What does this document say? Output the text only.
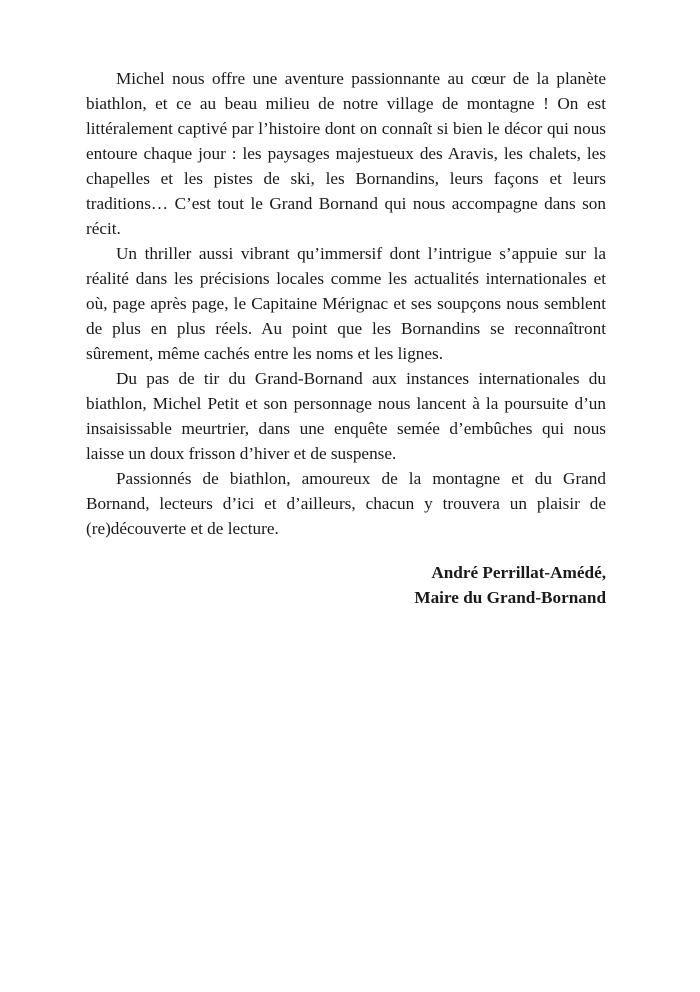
Michel nous offre une aventure passionnante au cœur de la planète biathlon, et ce au beau milieu de notre village de montagne ! On est littéralement captivé par l’histoire dont on connaît si bien le décor qui nous entoure chaque jour : les paysages majestueux des Aravis, les chalets, les chapelles et les pistes de ski, les Bornandins, leurs façons et leurs traditions… C’est tout le Grand Bornand qui nous accompagne dans son récit.

Un thriller aussi vibrant qu’immersif dont l’intrigue s’appuie sur la réalité dans les précisions locales comme les actualités internationales et où, page après page, le Capitaine Mérignac et ses soupçons nous semblent de plus en plus réels. Au point que les Bornandins se reconnaîtront sûrement, même cachés entre les noms et les lignes.

Du pas de tir du Grand-Bornand aux instances internationales du biathlon, Michel Petit et son personnage nous lancent à la poursuite d’un insaisissable meurtrier, dans une enquête semée d’embûches qui nous laisse un doux frisson d’hiver et de suspense.

Passionnés de biathlon, amoureux de la montagne et du Grand Bornand, lecteurs d’ici et d’ailleurs, chacun y trouvera un plaisir de (re)découverte et de lecture.

André Perrillat-Amédé,
Maire du Grand-Bornand
